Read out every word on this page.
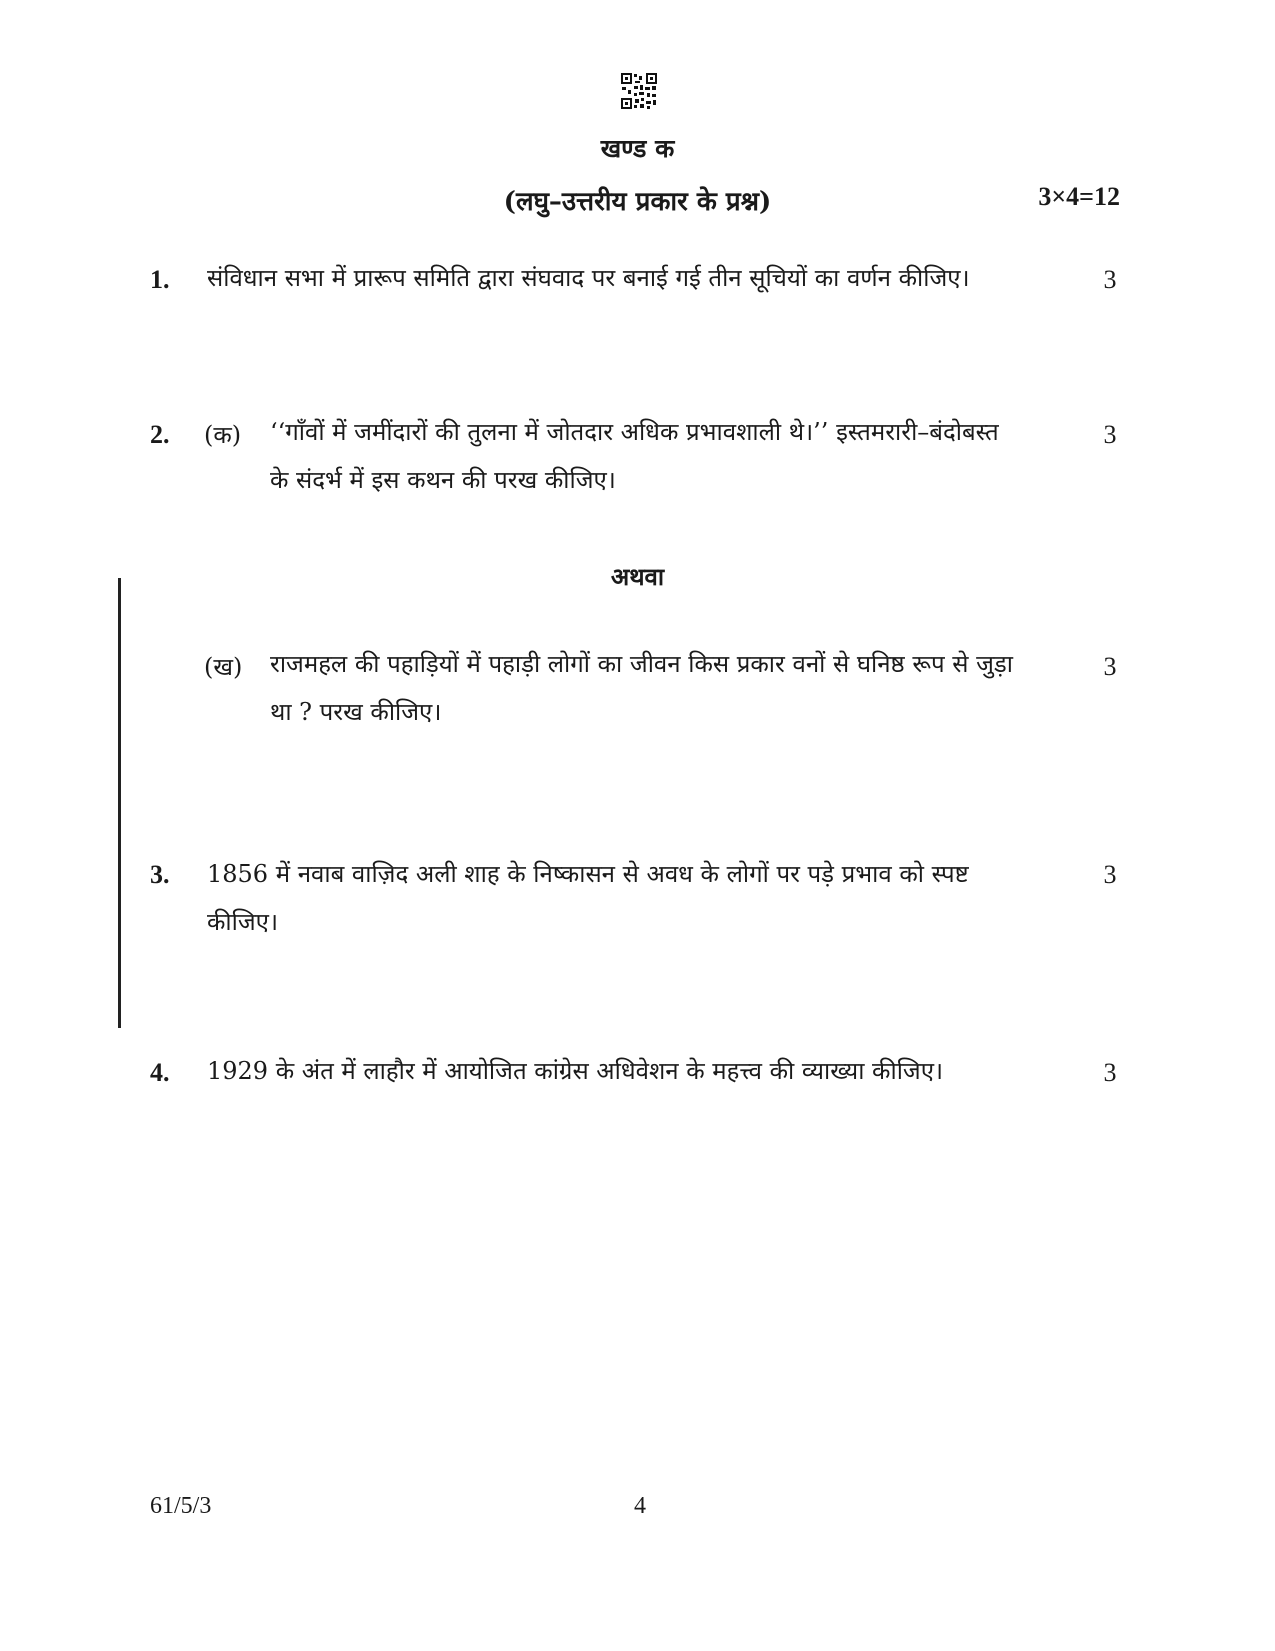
खण्ड क
(लघु–उत्तरीय प्रकार के प्रश्न)	3×4=12
1. संविधान सभा में प्रारूप समिति द्वारा संघवाद पर बनाई गई तीन सूचियों का वर्णन कीजिए।	3
2. (क) ‘‘गाँवों में जमींदारों की तुलना में जोतदार अधिक प्रभावशाली थे।’’ इस्तमरारी–बंदोबस्त के संदर्भ में इस कथन की परख कीजिए।
3
अथवा
(ख) राजमहल की पहाड़ियों में पहाड़ी लोगों का जीवन किस प्रकार वनों से घनिष्ठ रूप से जुड़ा था ? परख कीजिए।
3
3. 1856 में नवाब वाज़िद अली शाह के निष्कासन से अवध के लोगों पर पड़े प्रभाव को स्पष्ट कीजिए।
3
4. 1929 के अंत में लाहौर में आयोजित कांग्रेस अधिवेशन के महत्त्व की व्याख्या कीजिए।	3
61/5/3	4
